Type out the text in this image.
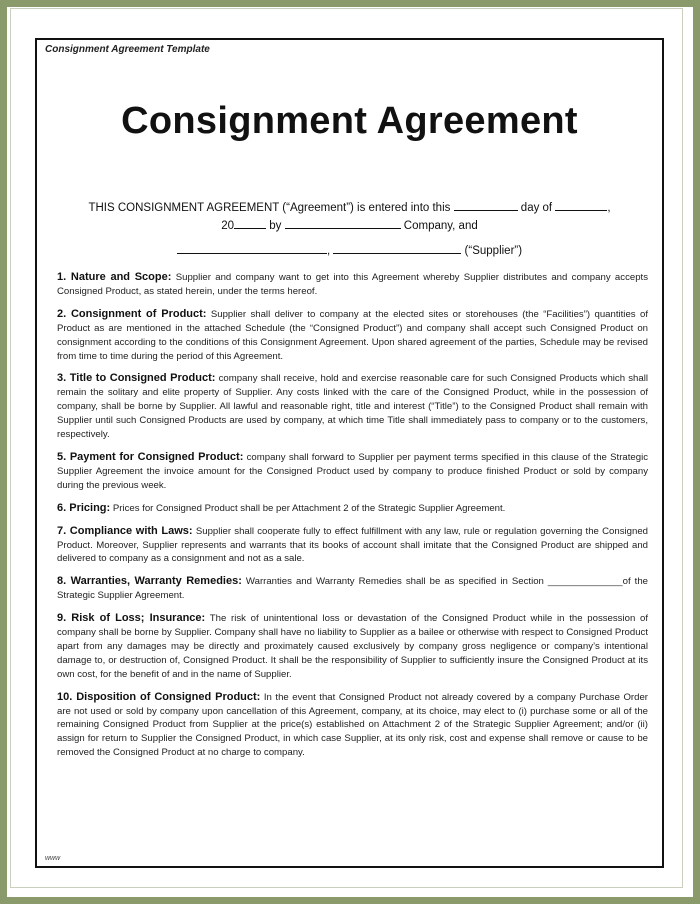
Consignment Agreement Template
Consignment Agreement
THIS CONSIGNMENT AGREEMENT (“Agreement”) is entered into this	day of	,
20	by	Company, and
,	(“Supplier”)

1. Nature and Scope: Supplier and company want to get into this Agreement whereby Supplier distributes and company accepts Consigned Product, as stated herein, under the terms hereof.

2. Consignment of Product: Supplier shall deliver to company at the elected sites or storehouses (the “Facilities”) quantities of Product as are mentioned in the attached Schedule (the “Consigned Product”) and company shall accept such Consigned Product on consignment according to the conditions of this Consignment Agreement. Upon shared agreement of the parties, Schedule may be revised from time to time during the period of this Agreement.

3. Title to Consigned Product: company shall receive, hold and exercise reasonable care for such Consigned Products which shall remain the solitary and elite property of Supplier. Any costs linked with the care of the Consigned Product, while in the possession of company, shall be borne by Supplier. All lawful and reasonable right, title and interest (“Title”) to the Consigned Product shall remain with Supplier until such Consigned Products are used by company, at which time Title shall immediately pass to company or to the customers, respectively.

5. Payment for Consigned Product: company shall forward to Supplier per payment terms specified in this clause of the Strategic Supplier Agreement the invoice amount for the Consigned Product used by company to produce finished Product or sold by company during the previous week.

6. Pricing: Prices for Consigned Product shall be per Attachment 2 of the Strategic Supplier Agreement.

7. Compliance with Laws: Supplier shall cooperate fully to effect fulfillment with any law, rule or regulation governing the Consigned Product. Moreover, Supplier represents and warrants that its books of account shall imitate that the Consigned Product are shipped and delivered to company as a consignment and not as a sale.

8. Warranties, Warranty Remedies: Warranties and Warranty Remedies shall be as specified in Section ______________of the Strategic Supplier Agreement.

9. Risk of Loss; Insurance: The risk of unintentional loss or devastation of the Consigned Product while in the possession of company shall be borne by Supplier. Company shall have no liability to Supplier as a bailee or otherwise with respect to Consigned Product apart from any damages may be directly and proximately caused exclusively by company gross negligence or company’s intentional damage to, or destruction of, Consigned Product. It shall be the responsibility of Supplier to sufficiently insure the Consigned Product at its own cost, for the benefit of and in the name of Supplier.

10. Disposition of Consigned Product: In the event that Consigned Product not already covered by a company Purchase Order are not used or sold by company upon cancellation of this Agreement, company, at its choice, may elect to (i) purchase some or all of the remaining Consigned Product from Supplier at the price(s) established on Attachment 2 of the Strategic Supplier Agreement; and/or (ii) assign for return to Supplier the Consigned Product, in which case Supplier, at its only risk, cost and expense shall remove or cause to be removed the Consigned Product at no charge to company.

www
